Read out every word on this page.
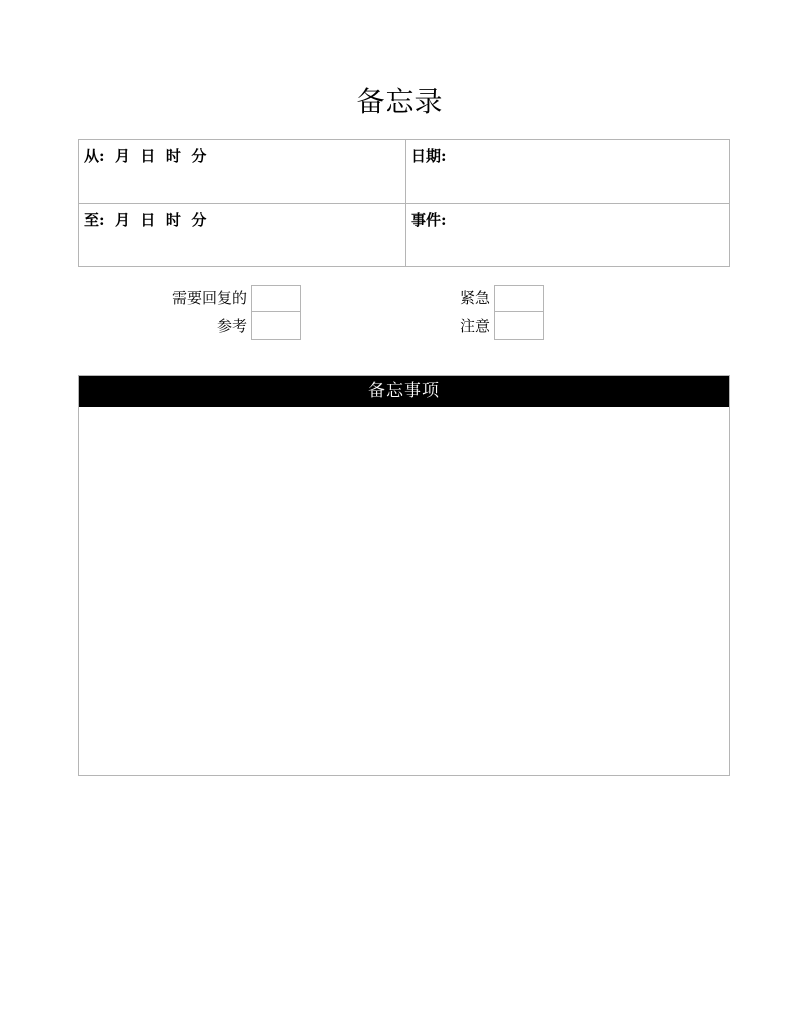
备忘录
从:  月  日  时  分	日期:
至:  月  日  时  分	事件:
需要回复的
参考
紧急
注意
备忘事项
